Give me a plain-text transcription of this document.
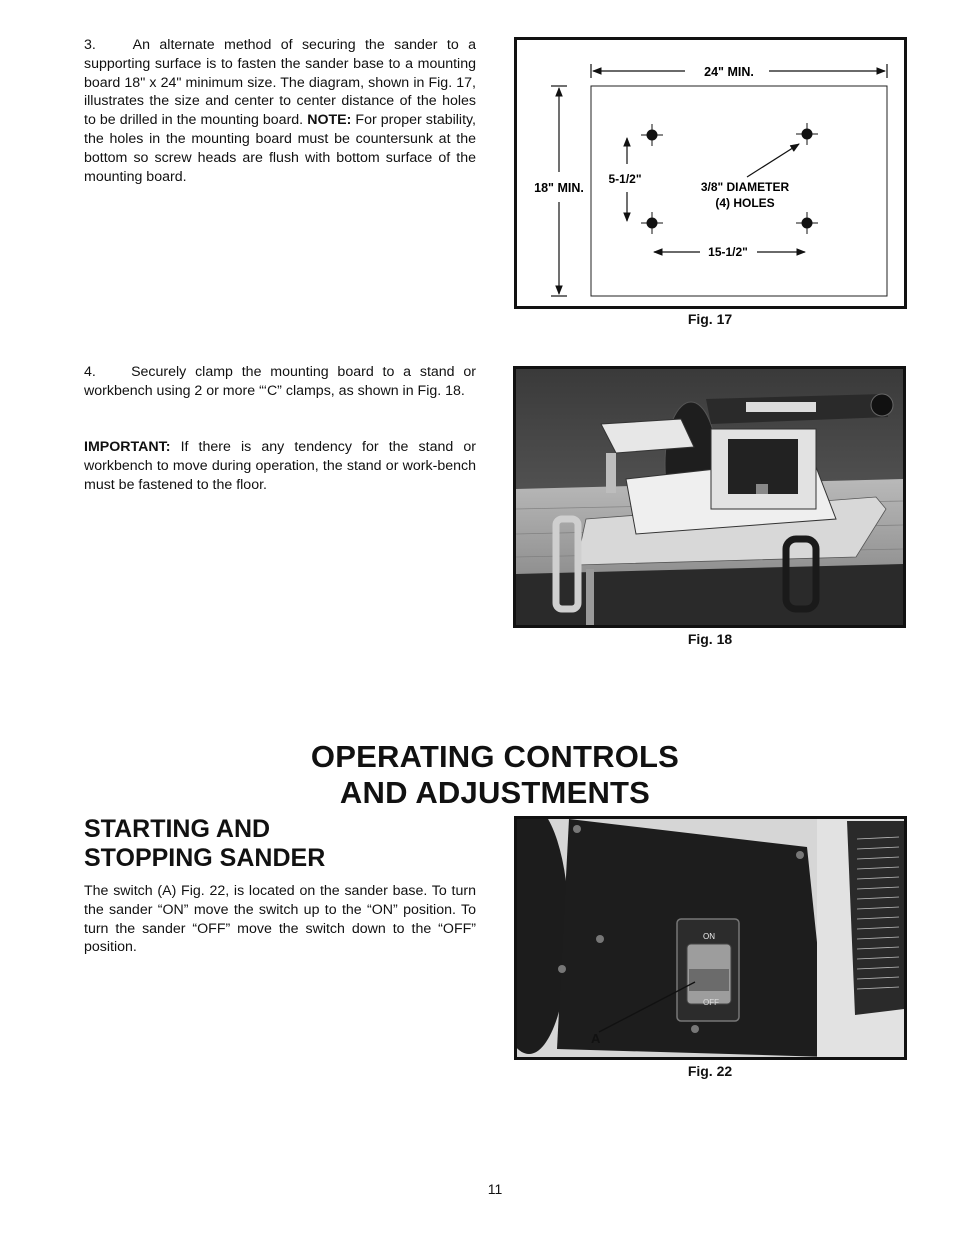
3.	An alternate method of securing the sander to a supporting surface is to fasten the sander base to a mounting board 18" x 24" minimum size. The diagram, shown in Fig. 17, illustrates the size and center to center distance of the holes to be drilled in the mounting board. NOTE: For proper stability, the holes in the mounting board must be countersunk at the bottom so screw heads are flush with bottom surface of the mounting board.

24" MIN.
18" MIN.
5-1/2"
15-1/2"
3/8" DIAMETER
(4) HOLES
Fig. 17

4. Securely clamp the mounting board to a stand or workbench using 2 or more “‘C” clamps, as shown in Fig. 18.

IMPORTANT: If there is any tendency for the stand or workbench to move during operation, the stand or work-bench must be fastened to the floor.

Fig. 18
OPERATING CONTROLS
AND ADJUSTMENTS
STARTING AND
STOPPING SANDER

The switch (A) Fig. 22, is located on the sander base. To turn the sander “ON” move the switch up to the “ON” position. To turn the sander “OFF” move the switch down to the “OFF” position.

ON
OFF
A
Fig. 22
11
